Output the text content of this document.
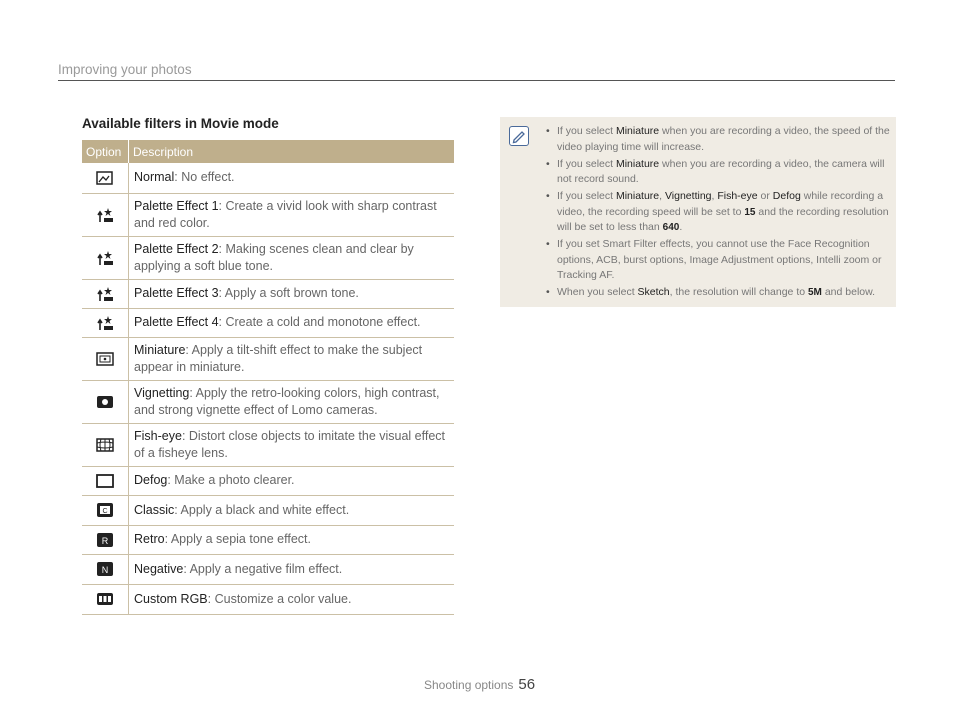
Improving your photos
Available filters in Movie mode
Option	Description
	Normal: No effect.
	Palette Effect 1: Create a vivid look with sharp contrast and red color.
	Palette Effect 2: Making scenes clean and clear by applying a soft blue tone.
	Palette Effect 3: Apply a soft brown tone.
	Palette Effect 4: Create a cold and monotone effect.
	Miniature: Apply a tilt-shift effect to make the subject appear in miniature.
	Vignetting: Apply the retro-looking colors, high contrast, and strong vignette effect of Lomo cameras.
	Fish-eye: Distort close objects to imitate the visual effect of a fisheye lens.
	Defog: Make a photo clearer.

C	Classic: Apply a black and white effect.

R	Retro: Apply a sepia tone effect.

N	Negative: Apply a negative film effect.
	Custom RGB: Customize a color value.
• If you select Miniature when you are recording a video, the speed of the video playing time will increase.
• If you select Miniature when you are recording a video, the camera will not record sound.
• If you select Miniature, Vignetting, Fish-eye or Defog while recording a video, the recording speed will be set to 15 and the recording resolution will be set to less than 640.
• If you set Smart Filter effects, you cannot use the Face Recognition options, ACB, burst options, Image Adjustment options, Intelli zoom or Tracking AF.
• When you select Sketch, the resolution will change to 5M and below.
Shooting options 56
